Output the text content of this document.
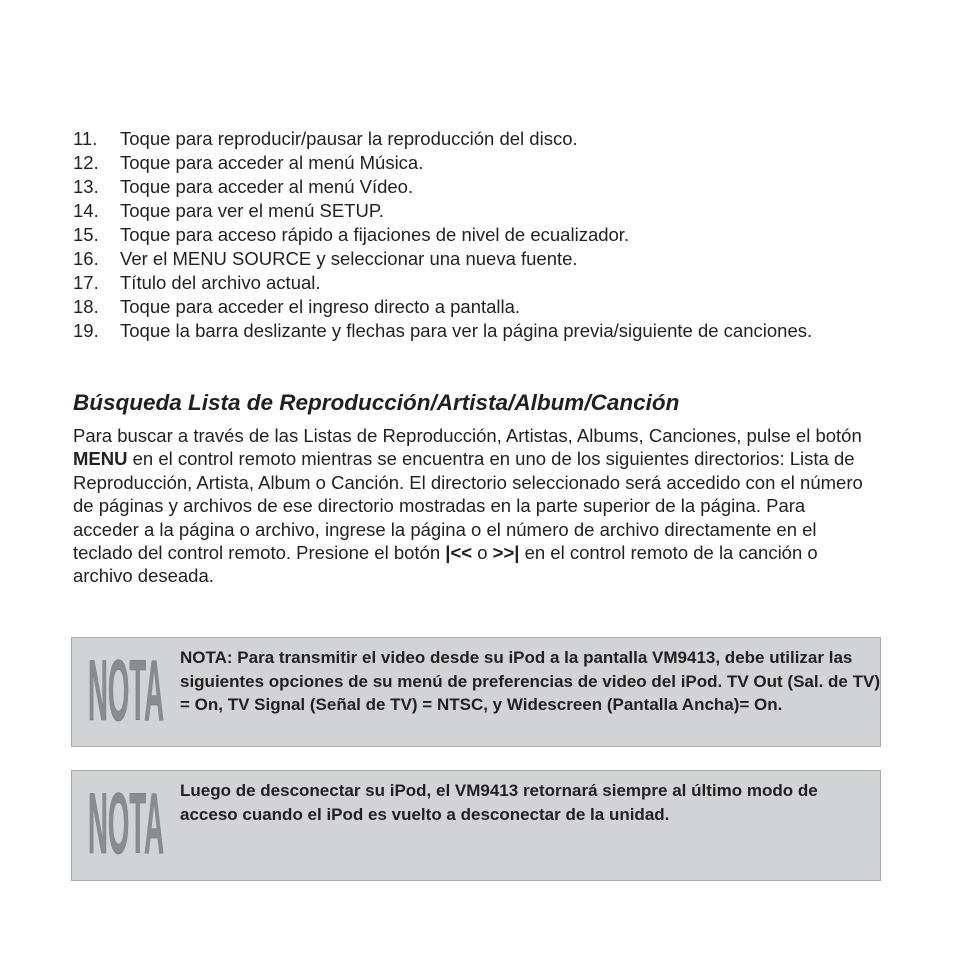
11.	Toque para reproducir/pausar la reproducción del disco.
12.	Toque para acceder al menú Música.
13.	Toque para acceder al menú Vídeo.
14.	Toque para ver el menú SETUP.
15.	Toque para acceso rápido a fijaciones de nivel de ecualizador.
16.	Ver el MENU SOURCE y seleccionar una nueva fuente.
17.	Título del archivo actual.
18.	Toque para acceder el ingreso directo a pantalla.
19.	Toque la barra deslizante y flechas para ver la página previa/siguiente de canciones.
Búsqueda Lista de Reproducción/Artista/Album/Canción

Para buscar a través de las Listas de Reproducción, Artistas, Albums, Canciones, pulse el botón MENU en el control remoto mientras se encuentra en uno de los siguientes directorios: Lista de Reproducción, Artista, Album o Canción. El directorio seleccionado será accedido con el número de páginas y archivos de ese directorio mostradas en la parte superior de la página. Para acceder a la página o archivo, ingrese la página o el número de archivo directamente en el teclado del control remoto. Presione el botón |<< o >>| en el control remoto de la canción o archivo deseada.

NOTA NOTA: Para transmitir el video desde su iPod a la pantalla VM9413, debe utilizar las siguientes opciones de su menú de preferencias de video del iPod. TV Out (Sal. de TV) = On, TV Signal (Señal de TV) = NTSC, y Widescreen (Pantalla Ancha)= On.

NOTA Luego de desconectar su iPod, el VM9413 retornará siempre al último modo de acceso cuando el iPod es vuelto a desconectar de la unidad.
